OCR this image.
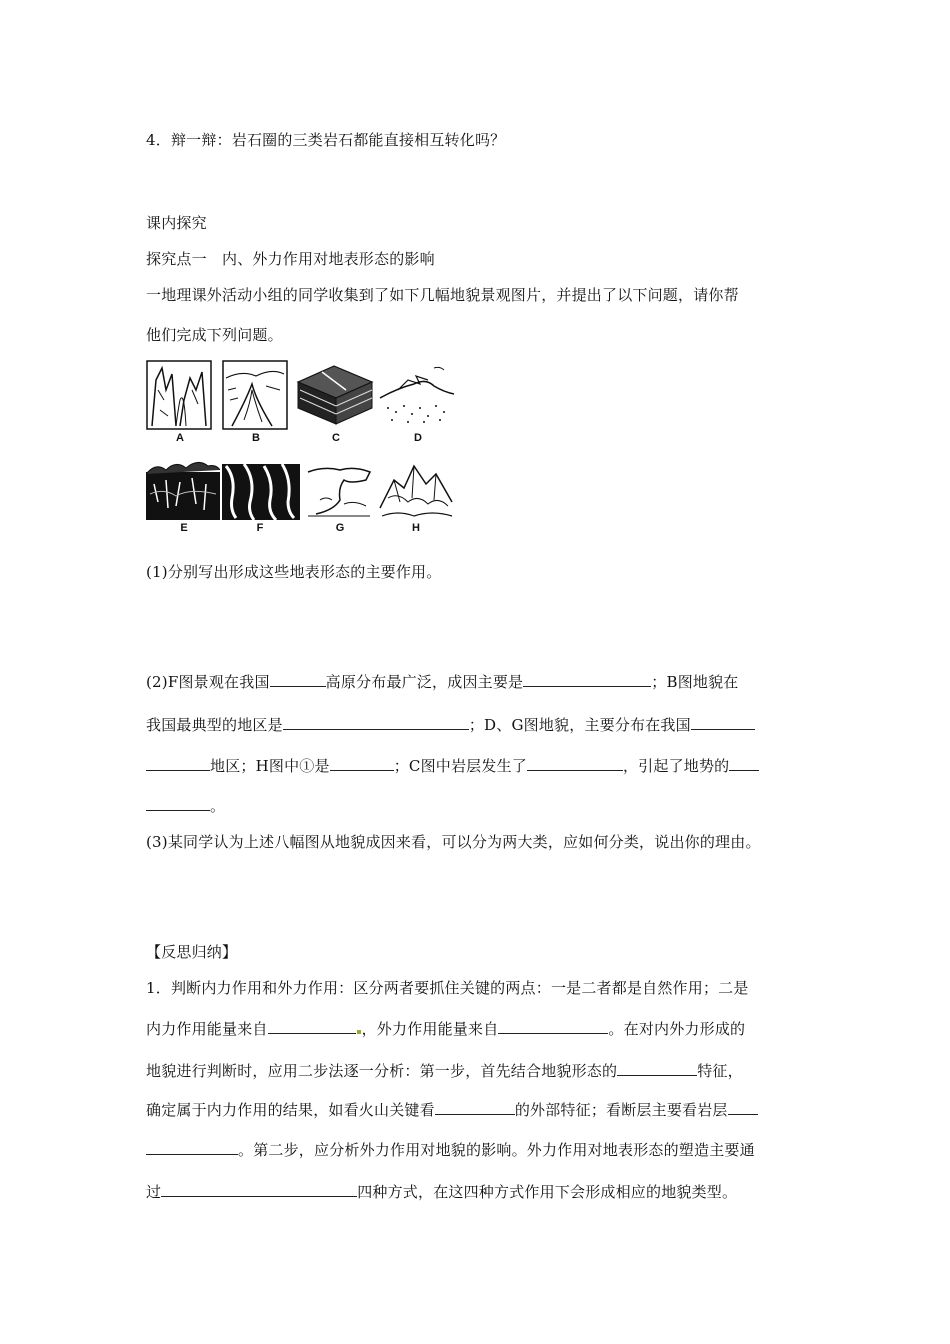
4．辩一辩：岩石圈的三类岩石都能直接相互转化吗？
课内探究
探究点一　内、外力作用对地表形态的影响
一地理课外活动小组的同学收集到了如下几幅地貌景观图片，并提出了以下问题，请你帮
他们完成下列问题。
A	B	C	D
E	F	G	H
(1)分别写出形成这些地表形态的主要作用。
(2)F图景观在我国	高原分布最广泛，成因主要是	；B图地貌在
我国最典型的地区是	；D、G图地貌，主要分布在我国
地区；H图中①是	；C图中岩层发生了	，引起了地势的
。
(3)某同学认为上述八幅图从地貌成因来看，可以分为两大类，应如何分类，说出你的理由。
【反思归纳】
1．判断内力作用和外力作用：区分两者要抓住关键的两点：一是二者都是自然作用；二是
内力作用能量来自	，外力作用能量来自	。在对内外力形成的
地貌进行判断时，应用二步法逐一分析：第一步，首先结合地貌形态的	特征，
确定属于内力作用的结果，如看火山关键看	的外部特征；看断层主要看岩层
。第二步，应分析外力作用对地貌的影响。外力作用对地表形态的塑造主要通
过	四种方式，在这四种方式作用下会形成相应的地貌类型。
